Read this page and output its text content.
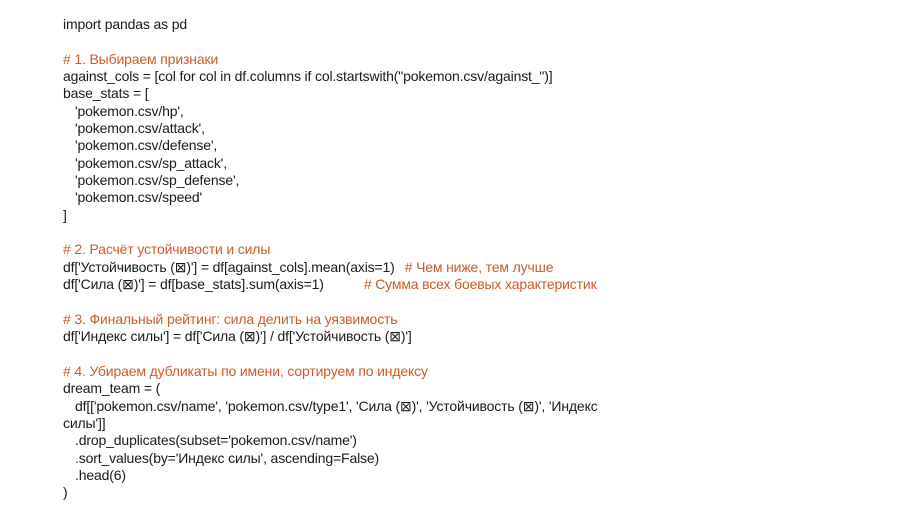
import pandas as pd
# 1. Выбираем признаки
against_cols = [col for col in df.columns if col.startswith("pokemon.csv/against_")]
base_stats = [
'pokemon.csv/hp',
'pokemon.csv/attack',
'pokemon.csv/defense',
'pokemon.csv/sp_attack',
'pokemon.csv/sp_defense',
'pokemon.csv/speed'
]
# 2. Расчёт устойчивости и силы
df['Устойчивость (⊠)'] = df[against_cols].mean(axis=1) # Чем ниже, тем лучше
df['Сила (⊠)'] = df[base_stats].sum(axis=1)	# Сумма всех боевых характеристик
# 3. Финальный рейтинг: сила делить на уязвимость
df['Индекс силы'] = df['Сила (⊠)'] / df['Устойчивость (⊠)']
# 4. Убираем дубликаты по имени, сортируем по индексу
dream_team = (
df[['pokemon.csv/name', 'pokemon.csv/type1', 'Сила (⊠)', 'Устойчивость (⊠)', 'Индекс
силы']]
.drop_duplicates(subset='pokemon.csv/name')
.sort_values(by='Индекс силы', ascending=False)
.head(6)
)
